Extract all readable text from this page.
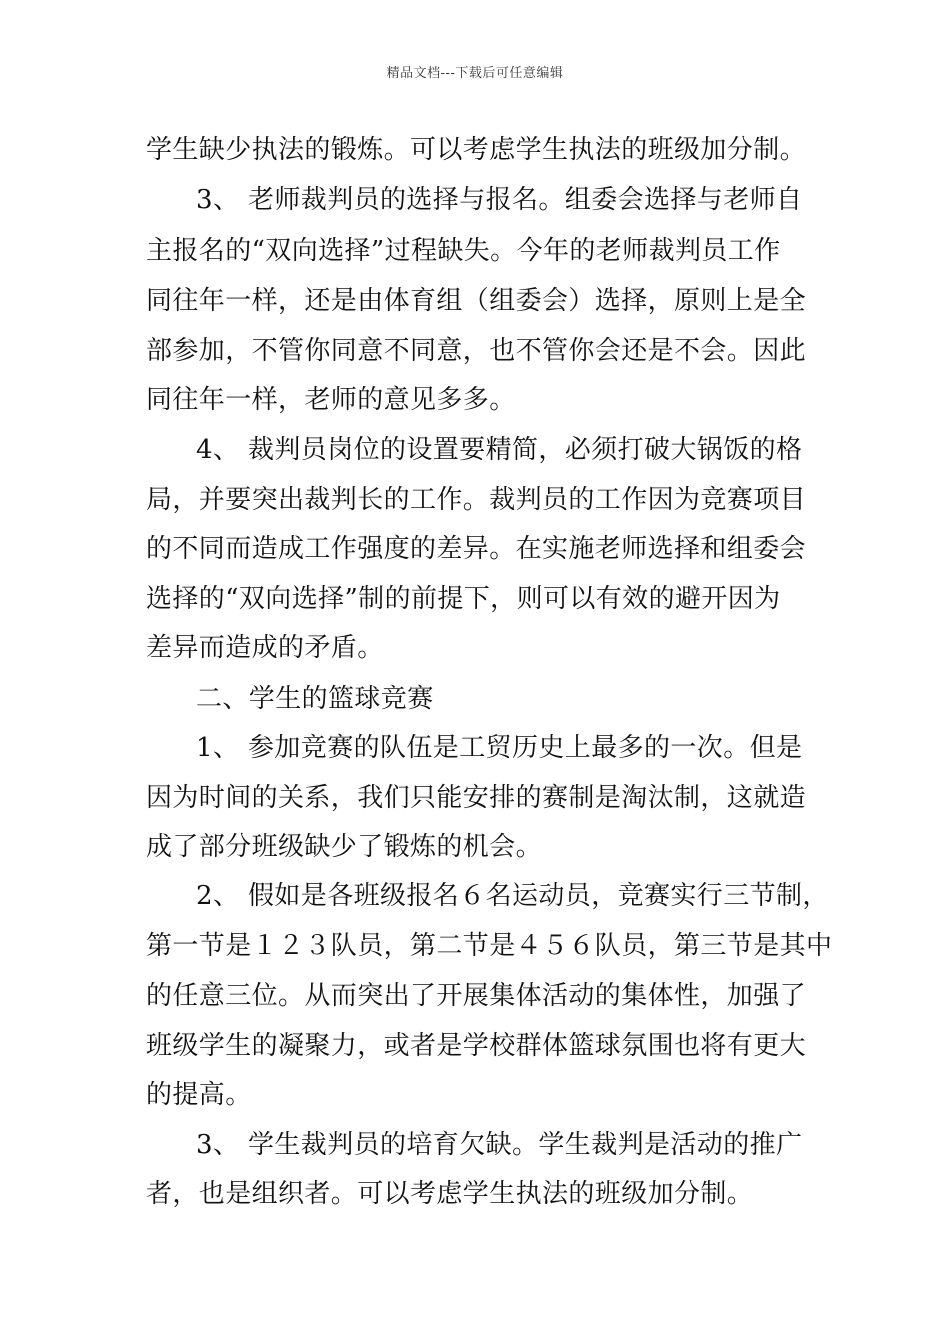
精品文档---下载后可任意编辑
学生缺少执法的锻炼。可以考虑学生执法的班级加分制。
3、 老师裁判员的选择与报名。组委会选择与老师自
主报名的“双向选择”过程缺失。今年的老师裁判员工作
同往年一样，还是由体育组（组委会）选择，原则上是全
部参加，不管你同意不同意，也不管你会还是不会。因此
同往年一样，老师的意见多多。
4、 裁判员岗位的设置要精简，必须打破大锅饭的格
局，并要突出裁判长的工作。裁判员的工作因为竞赛项目
的不同而造成工作强度的差异。在实施老师选择和组委会
选择的“双向选择”制的前提下，则可以有效的避开因为
差异而造成的矛盾。
二、学生的篮球竞赛
1、 参加竞赛的队伍是工贸历史上最多的一次。但是
因为时间的关系，我们只能安排的赛制是淘汰制，这就造
成了部分班级缺少了锻炼的机会。
2、 假如是各班级报名６名运动员，竞赛实行三节制，
第一节是１２３队员，第二节是４５６队员，第三节是其中
的任意三位。从而突出了开展集体活动的集体性，加强了
班级学生的凝聚力，或者是学校群体篮球氛围也将有更大
的提高。
3、 学生裁判员的培育欠缺。学生裁判是活动的推广
者，也是组织者。可以考虑学生执法的班级加分制。
